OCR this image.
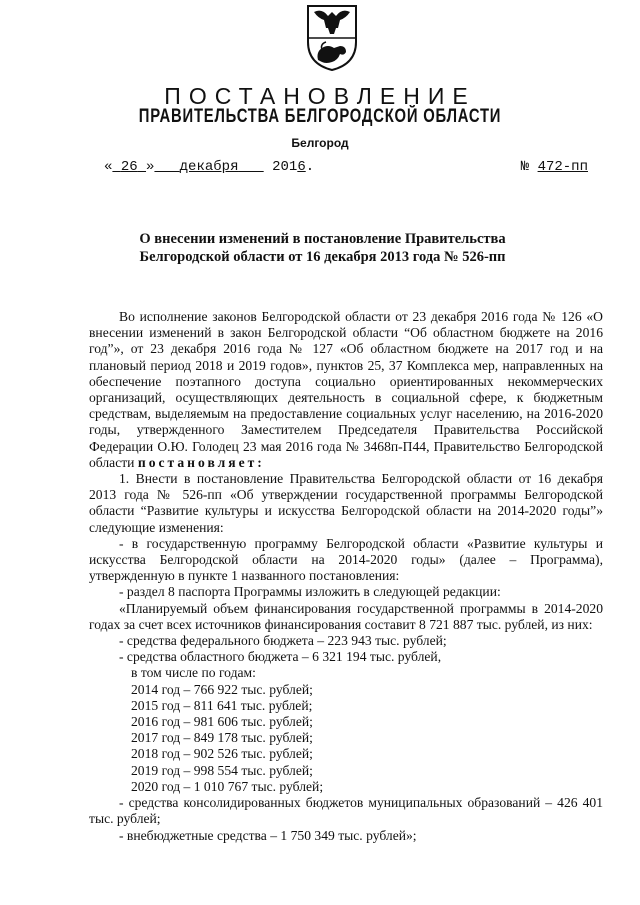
ПОСТАНОВЛЕНИЕ
ПРАВИТЕЛЬСТВА БЕЛГОРОДСКОЙ ОБЛАСТИ
Белгород
« 26 » декабря 2016.	№ 472-пп
О внесении изменений в постановление Правительства
Белгородской области от 16 декабря 2013 года № 526-пп

Во исполнение законов Белгородской области от 23 декабря 2016 года № 126 «О внесении изменений в закон Белгородской области “Об областном бюджете на 2016 год”», от 23 декабря 2016 года № 127 «Об областном бюджете на 2017 год и на плановый период 2018 и 2019 годов», пунктов 25, 37 Комплекса мер, направленных на обеспечение поэтапного доступа социально ориентированных некоммерческих организаций, осуществляющих деятельность в социальной сфере, к бюджетным средствам, выделяемым на предоставление социальных услуг населению, на 2016-2020 годы, утвержденного Заместителем Председателя Правительства Российской Федерации О.Ю. Голодец 23 мая 2016 года № 3468п-П44, Правительство Белгородской области постановляет:

1. Внести в постановление Правительства Белгородской области от 16 декабря 2013 года № 526-пп «Об утверждении государственной программы Белгородской области “Развитие культуры и искусства Белгородской области на 2014-2020 годы”» следующие изменения:

- в государственную программу Белгородской области «Развитие культуры и искусства Белгородской области на 2014-2020 годы» (далее – Программа), утвержденную в пункте 1 названного постановления:

- раздел 8 паспорта Программы изложить в следующей редакции:

«Планируемый объем финансирования государственной программы в 2014-2020 годах за счет всех источников финансирования составит 8 721 887 тыс. рублей, из них:

- средства федерального бюджета – 223 943 тыс. рублей;

- средства областного бюджета – 6 321 194 тыс. рублей,

в том числе по годам:

2014 год – 766 922 тыс. рублей;

2015 год – 811 641 тыс. рублей;

2016 год – 981 606 тыс. рублей;

2017 год – 849 178 тыс. рублей;

2018 год – 902 526 тыс. рублей;

2019 год – 998 554 тыс. рублей;

2020 год – 1 010 767 тыс. рублей;

- средства консолидированных бюджетов муниципальных образований – 426 401 тыс. рублей;

- внебюджетные средства – 1 750 349 тыс. рублей»;
